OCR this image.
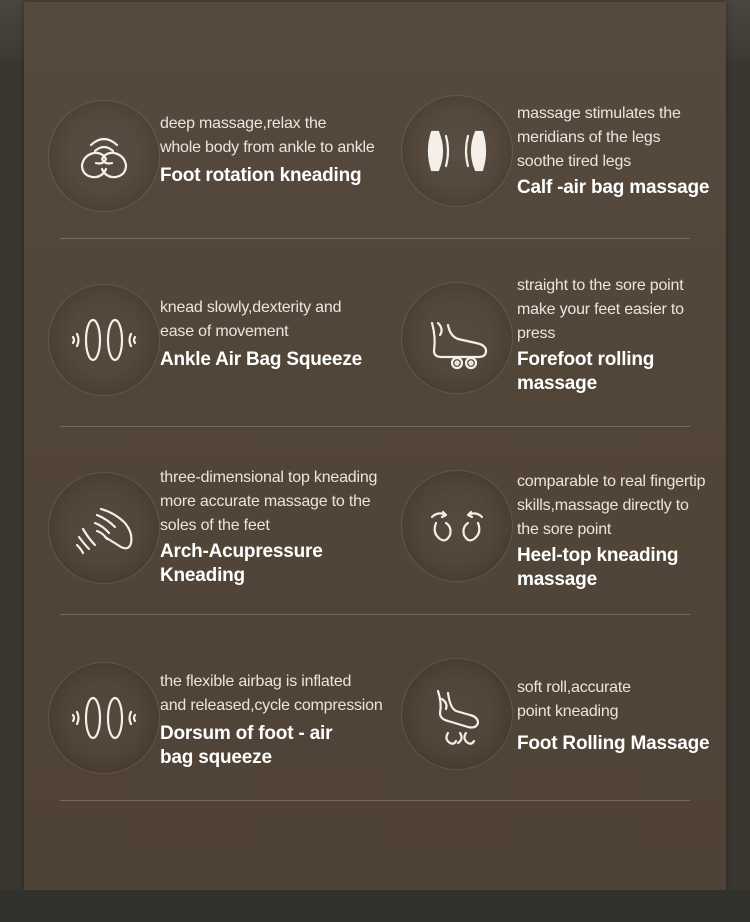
deep massage,relax the
whole body from ankle to ankle
Foot rotation kneading
massage stimulates the
meridians of the legs
soothe tired legs
Calf -air bag massage
knead slowly,dexterity and
ease of movement
Ankle Air Bag Squeeze
straight to the sore point
make your feet easier to
press
Forefoot rolling
massage
three-dimensional top kneading
more accurate massage to the
soles of the feet
Arch-Acupressure
Kneading
comparable to real fingertip
skills,massage directly to
the sore point
Heel-top kneading
massage
the flexible airbag is inflated
and released,cycle compression
Dorsum of foot - air
bag squeeze
soft roll,accurate
point kneading
Foot Rolling Massage
